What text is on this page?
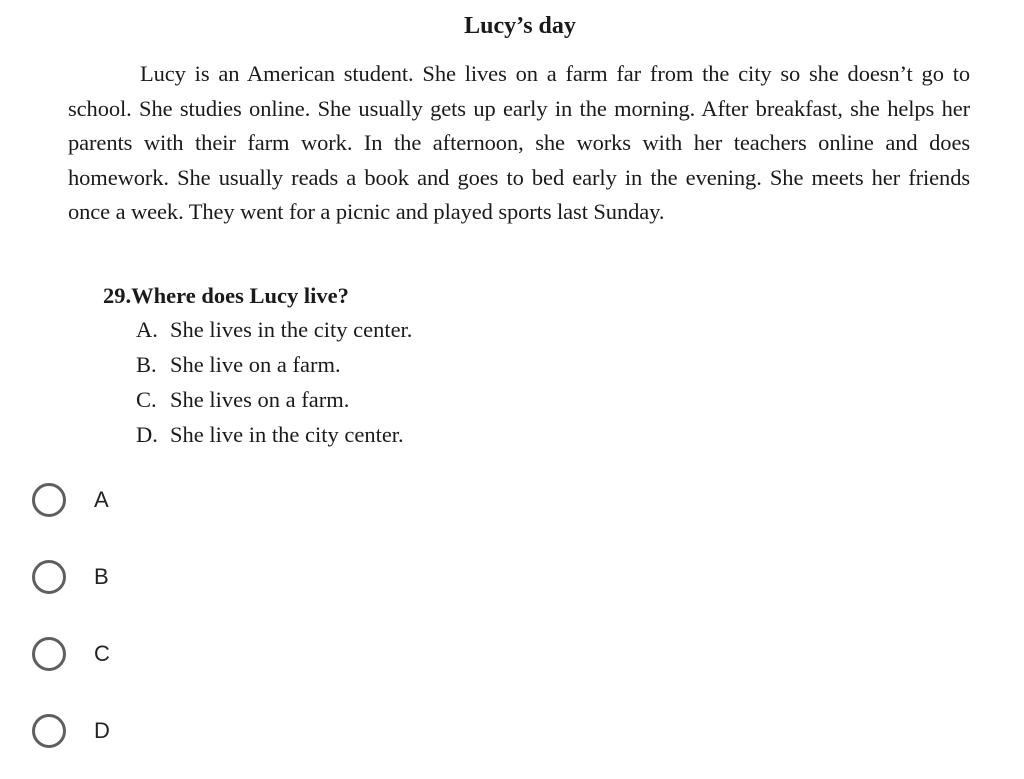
Lucy’s day
Lucy is an American student. She lives on a farm far from the city so she doesn’t go to school. She studies online. She usually gets up early in the morning. After breakfast, she helps her parents with their farm work. In the afternoon, she works with her teachers online and does homework. She usually reads a book and goes to bed early in the evening. She meets her friends once a week. They went for a picnic and played sports last Sunday.
29.Where does Lucy live?
A. She lives in the city center.
B. She live on a farm.
C. She lives on a farm.
D. She live in the city center.
A
B
C
D
